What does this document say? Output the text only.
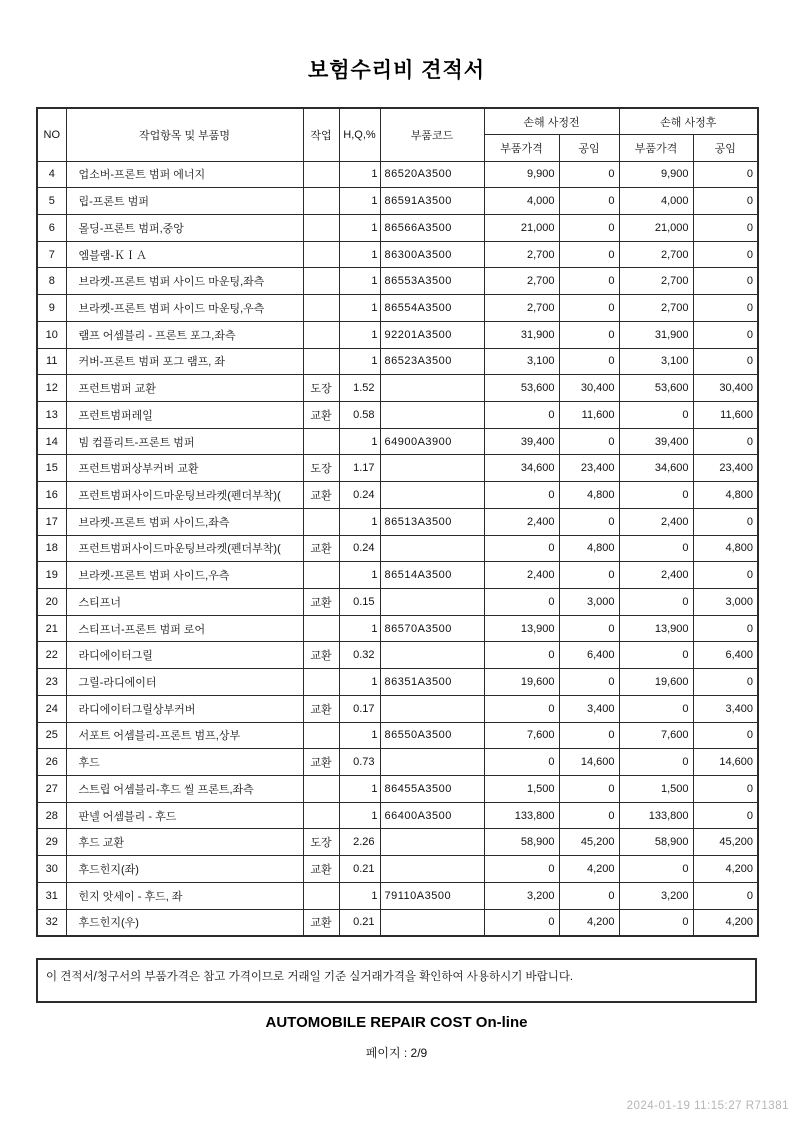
보험수리비 견적서
NO	작업항목 및 부품명	작업	H,Q,%	부품코드	손해 사정전		손해 사정후	
					부품가격	공임	부품가격	공임
4	업소버-프론트 범퍼 에너지		1	86520A3500	9,900	0	9,900	0
5	립-프론트 범퍼		1	86591A3500	4,000	0	4,000	0
6	몰딩-프론트 범퍼,중앙		1	86566A3500	21,000	0	21,000	0
7	엠블램-ＫＩＡ		1	86300A3500	2,700	0	2,700	0
8	브라켓-프론트 범퍼 사이드 마운팅,좌측		1	86553A3500	2,700	0	2,700	0
9	브라켓-프론트 범퍼 사이드 마운팅,우측		1	86554A3500	2,700	0	2,700	0
10	램프 어셈블리 - 프론트 포그,좌측		1	92201A3500	31,900	0	31,900	0
11	커버-프론트 범퍼 포그 램프, 좌		1	86523A3500	3,100	0	3,100	0
12	프런트범퍼 교환	도장	1.52		53,600	30,400	53,600	30,400
13	프런트범퍼레일	교환	0.58		0	11,600	0	11,600
14	빔 컴플리트-프론트 범퍼		1	64900A3900	39,400	0	39,400	0
15	프런트범퍼상부커버 교환	도장	1.17		34,600	23,400	34,600	23,400
16	프런트범퍼사이드마운팅브라켓(펜더부착)(	교환	0.24		0	4,800	0	4,800
17	브라켓-프론트 범퍼 사이드,좌측		1	86513A3500	2,400	0	2,400	0
18	프런트범퍼사이드마운팅브라켓(펜더부착)(	교환	0.24		0	4,800	0	4,800
19	브라켓-프론트 범퍼 사이드,우측		1	86514A3500	2,400	0	2,400	0
20	스티프너	교환	0.15		0	3,000	0	3,000
21	스티프너-프론트 범퍼 로어		1	86570A3500	13,900	0	13,900	0
22	라디에이터그릴	교환	0.32		0	6,400	0	6,400
23	그릴-라디에이터		1	86351A3500	19,600	0	19,600	0
24	라디에이터그릴상부커버	교환	0.17		0	3,400	0	3,400
25	서포트 어셈블리-프론트 범프,상부		1	86550A3500	7,600	0	7,600	0
26	후드	교환	0.73		0	14,600	0	14,600
27	스트립 어셈블리-후드 씰 프론트,좌측		1	86455A3500	1,500	0	1,500	0
28	판넬 어셈블리 - 후드		1	66400A3500	133,800	0	133,800	0
29	후드 교환	도장	2.26		58,900	45,200	58,900	45,200
30	후드힌지(좌)	교환	0.21		0	4,200	0	4,200
31	힌지 앗세이 - 후드, 좌		1	79110A3500	3,200	0	3,200	0
32	후드힌지(우)	교환	0.21		0	4,200	0	4,200
이 견적서/청구서의 부품가격은 참고 가격이므로 거래일 기준 실거래가격을 확인하여 사용하시기 바랍니다.
AUTOMOBILE REPAIR COST On-line
페이지 : 2/9
2024-01-19 11:15:27 R71381
